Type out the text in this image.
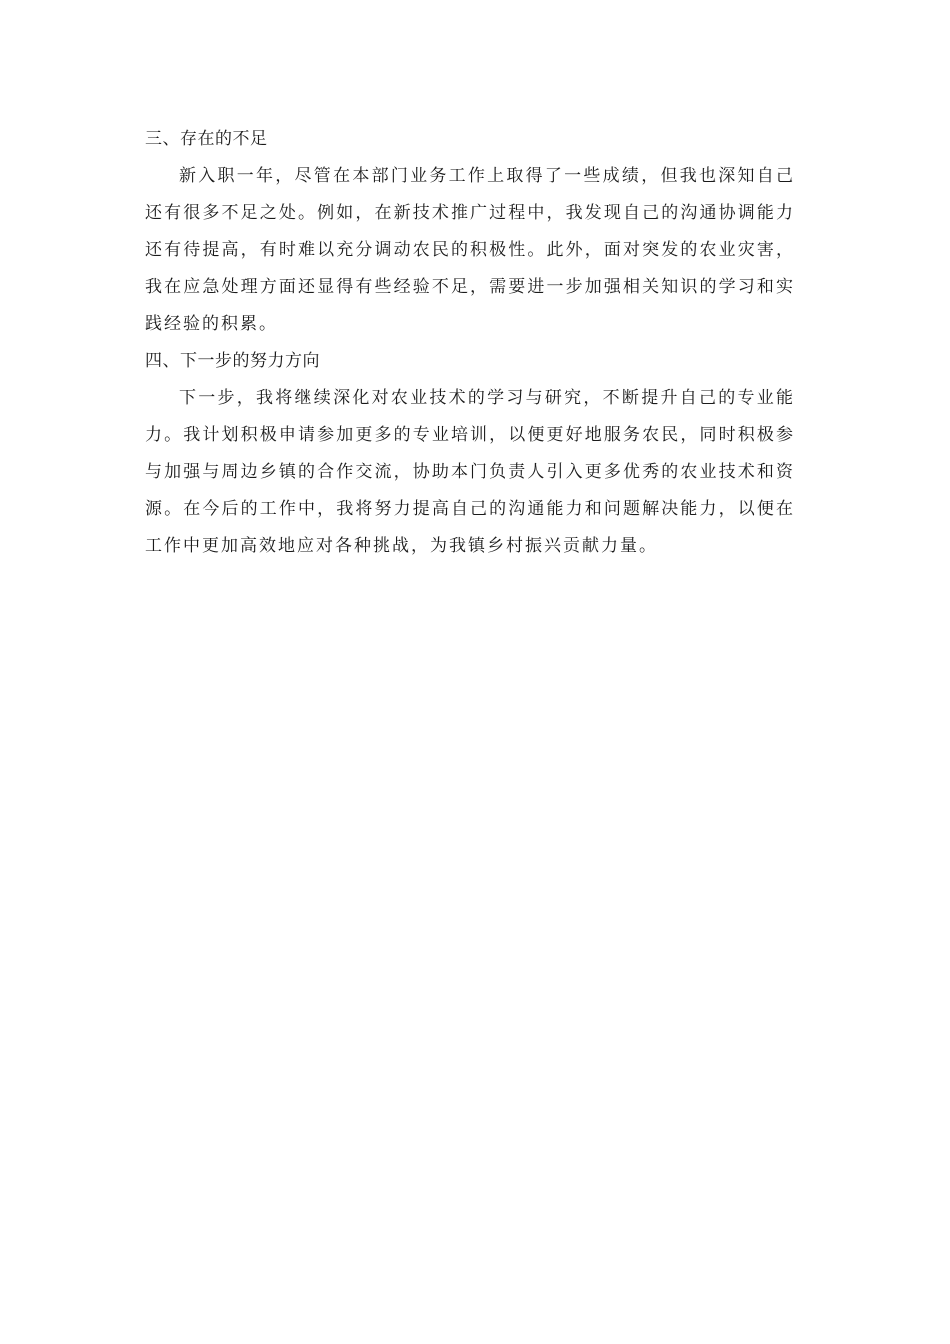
三、存在的不足

新入职一年，尽管在本部门业务工作上取得了一些成绩，但我也深知自己还有很多不足之处。例如，在新技术推广过程中，我发现自己的沟通协调能力还有待提高，有时难以充分调动农民的积极性。此外，面对突发的农业灾害，我在应急处理方面还显得有些经验不足，需要进一步加强相关知识的学习和实践经验的积累。

四、下一步的努力方向

下一步，我将继续深化对农业技术的学习与研究，不断提升自己的专业能力。我计划积极申请参加更多的专业培训，以便更好地服务农民，同时积极参与加强与周边乡镇的合作交流，协助本门负责人引入更多优秀的农业技术和资源。在今后的工作中，我将努力提高自己的沟通能力和问题解决能力，以便在工作中更加高效地应对各种挑战，为我镇乡村振兴贡献力量。
